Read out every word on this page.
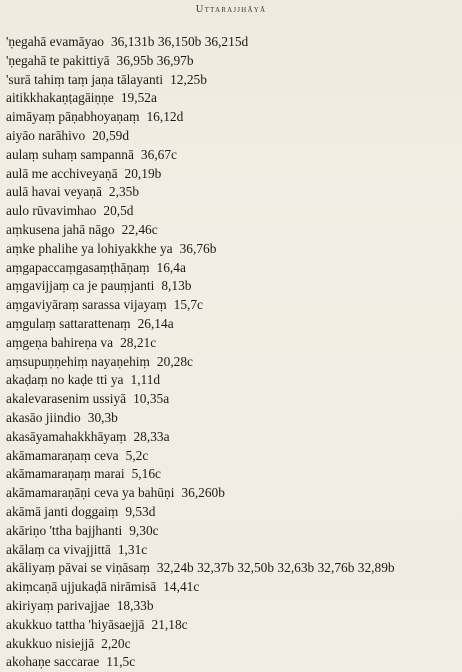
Uttarajjhāyā
'ṇegahā evamāyao 36,131b 36,150b 36,215d
'ṇegahā te pakittiyā 36,95b 36,97b
'surā tahiṃ taṃ jaṇa tālayanti 12,25b
aitikkhakaṇṭagāiṇṇe 19,52a
aimāyaṃ pāṇabhoyaṇaṃ 16,12d
aiyāo narāhivo 20,59d
aulaṃ suhaṃ sampannā 36,67c
aulā me acchiveyaṇā 20,19b
aulā havai veyaṇā 2,35b
aulo rūvavimhao 20,5d
aṃkusena jahā nāgo 22,46c
aṃke phalihe ya lohiyakkhe ya 36,76b
aṃgapaccaṃgasaṃṭhāṇaṃ 16,4a
aṃgavijjaṃ ca je pauṃjanti 8,13b
aṃgaviyāraṃ sarassa vijayaṃ 15,7c
aṃgulaṃ sattarattenaṃ 26,14a
aṃgeṇa bahireṇa va 28,21c
aṃsupuṇṇehiṃ nayaṇehiṃ 20,28c
akaḍaṃ no kaḍe tti ya 1,11d
akalevarasenim ussiyā 10,35a
akasāo jiindio 30,3b
akasāyamahakkhāyaṃ 28,33a
akāmamaraṇaṃ ceva 5,2c
akāmamaraṇaṃ marai 5,16c
akāmamaraṇāṇi ceva ya bahūṇi 36,260b
akāmā janti doggaiṃ 9,53d
akāriṇo 'ttha bajjhanti 9,30c
akālaṃ ca vivajjittā 1,31c
akāliyaṃ pāvai se viṇāsaṃ 32,24b 32,37b 32,50b 32,63b 32,76b 32,89b
akiṃcaṇā ujjukaḍā nirāmisā 14,41c
akiriyaṃ parivajjae 18,33b
akukkuo tattha 'hiyāsaejjā 21,18c
akukkuo nisiejjā 2,20c
akohaṇe saccarae 11,5c
